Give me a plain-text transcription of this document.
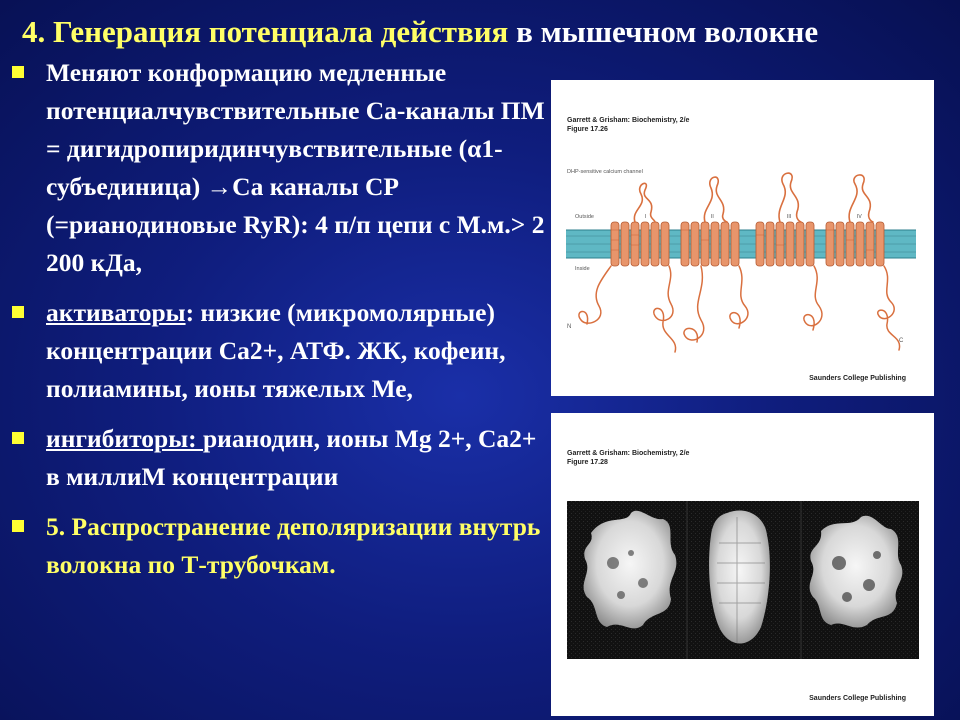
4. Генерация потенциала действия в мышечном волокне
Меняют конформацию медленные потенциалчувствительные Са-каналы ПМ = дигидропиридинчувствительные (α1-субъединица) →Са каналы СР (=рианодиновые RyR): 4 п/п цепи с М.м.> 2 200 кДа,
активаторы: низкие (микромолярные) концентрации Са2+, АТФ. ЖК, кофеин, полиамины, ионы тяжелых Ме,
ингибиторы: рианодин, ионы Mg 2+, Са2+ в миллиМ концентрации
5. Распространение деполяризации внутрь волокна по Т-трубочкам.
Garrett & Grisham: Biochemistry, 2/e
Figure 17.26
DHP-sensitive calcium channel
Outside
Inside
N
C
I	II	III	IV
Saunders College Publishing
Garrett & Grisham: Biochemistry, 2/e
Figure 17.28
Saunders College Publishing
